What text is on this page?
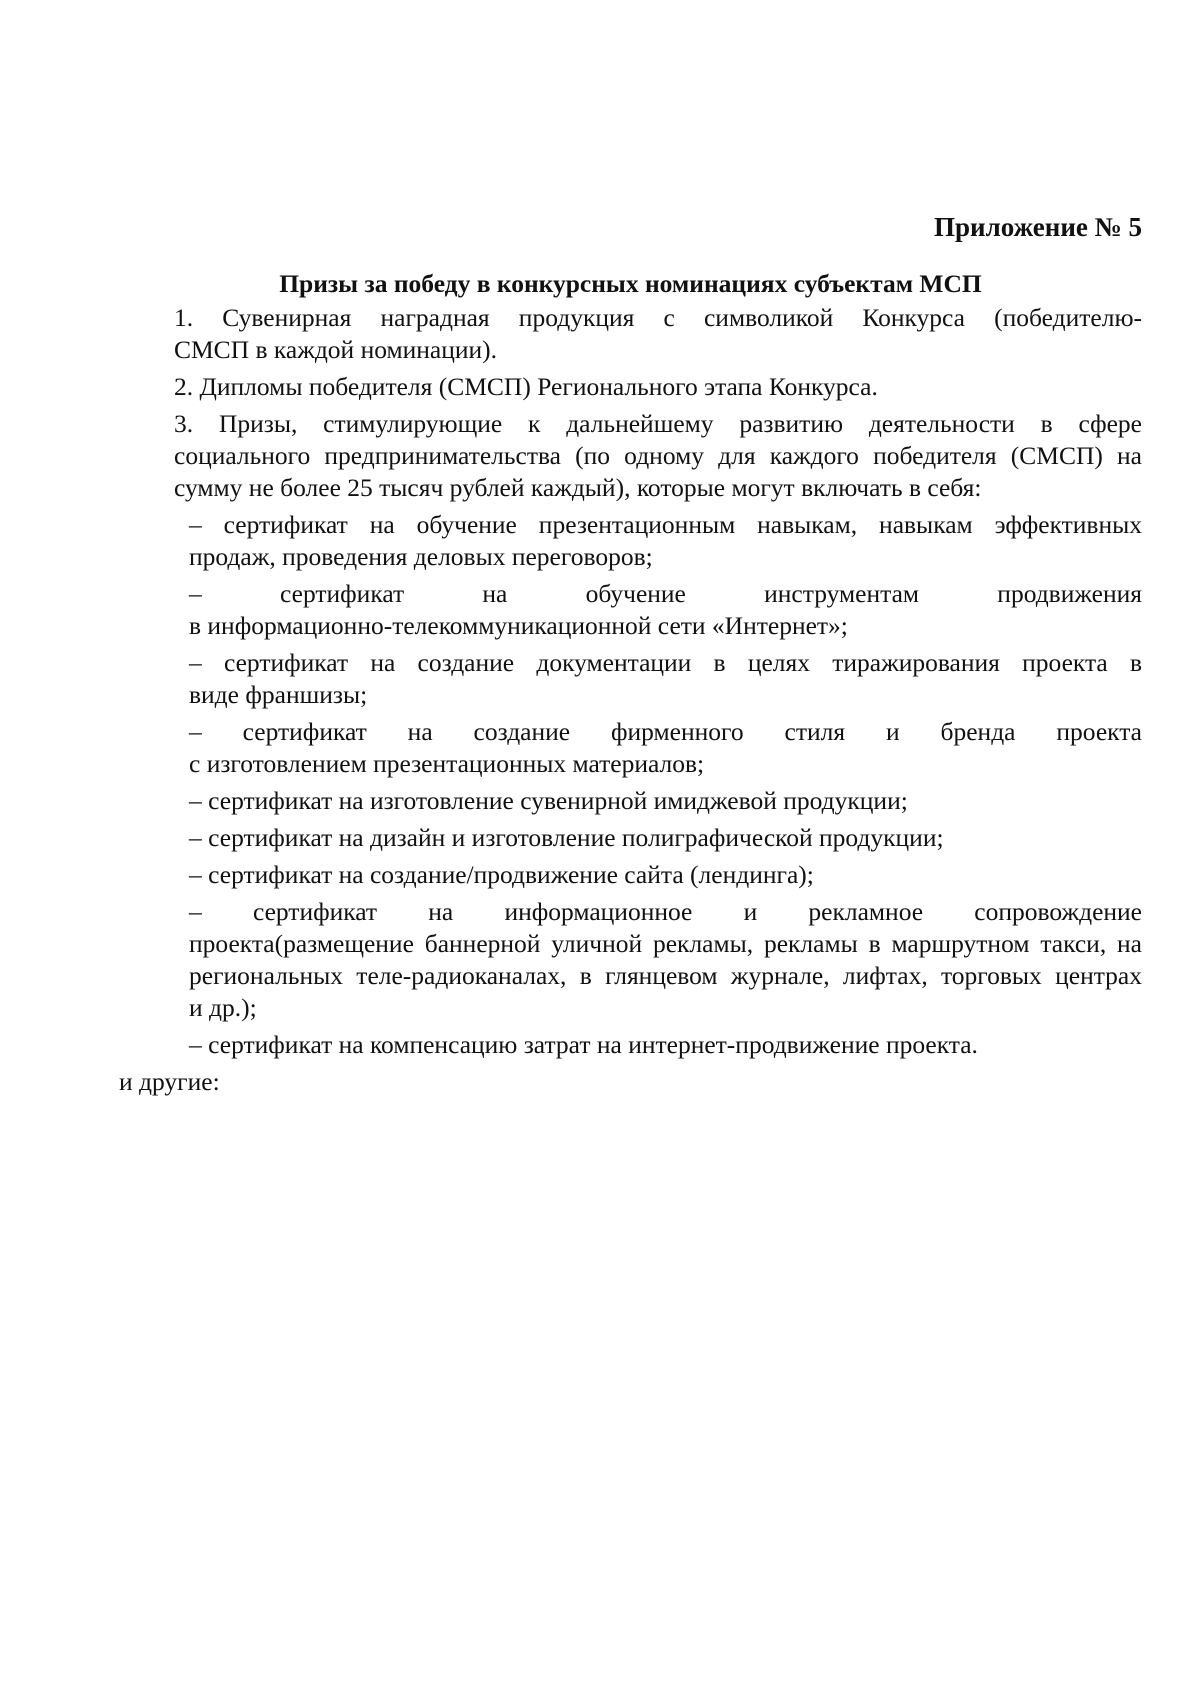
Приложение № 5

Призы за победу в конкурсных номинациях субъектам МСП

1. Сувенирная наградная продукция с символикой Конкурса (победителю-
СМСП в каждой номинации).

2. Дипломы победителя (СМСП) Регионального этапа Конкурса.

3. Призы, стимулирующие к дальнейшему развитию деятельности в сфере
социального предпринимательства (по одному для каждого победителя (СМСП) на
сумму не более 25 тысяч рублей каждый), которые могут включать в себя:

– сертификат на обучение презентационным навыкам, навыкам эффективных
продаж, проведения деловых переговоров;

– сертификат на обучение инструментам продвижения
в информационно-телекоммуникационной сети «Интернет»;

– сертификат на создание документации в целях тиражирования проекта в
виде франшизы;

– сертификат на создание фирменного стиля и бренда проекта
с изготовлением презентационных материалов;

– сертификат на изготовление сувенирной имиджевой продукции;

– сертификат на дизайн и изготовление полиграфической продукции;

– сертификат на создание/продвижение сайта (лендинга);

– сертификат на информационное и рекламное сопровождение
проекта(размещение баннерной уличной рекламы, рекламы в маршрутном такси, на
региональных теле-радиоканалах, в глянцевом журнале, лифтах, торговых центрах
и др.);

– сертификат на компенсацию затрат на интернет-продвижение проекта.

и другие:
